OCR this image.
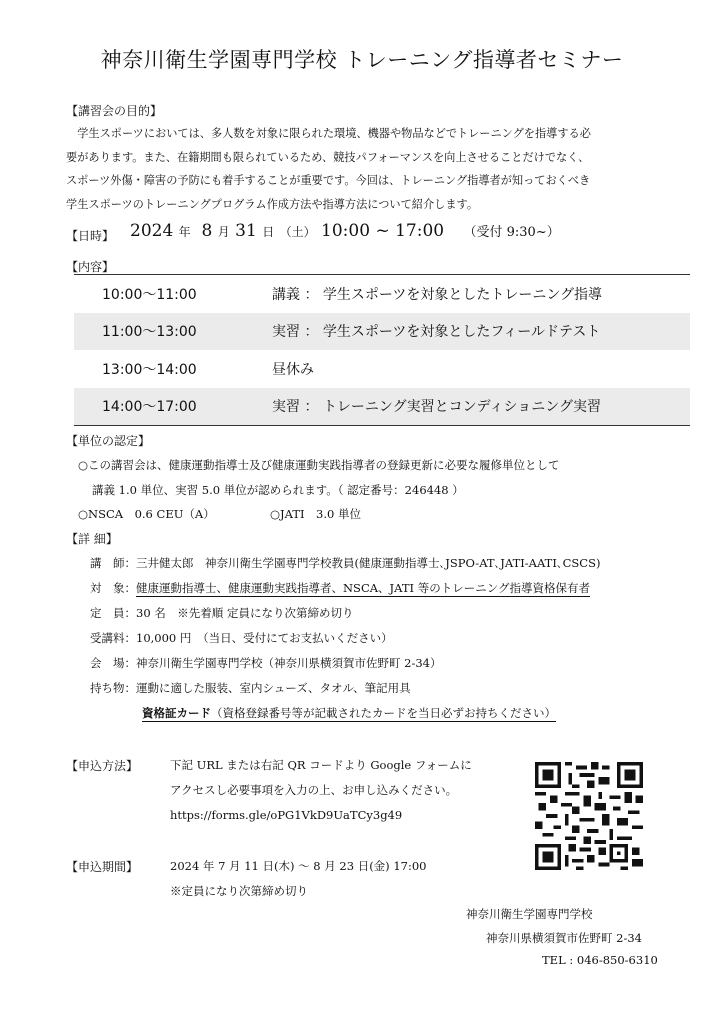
神奈川衛生学園専門学校 トレーニング指導者セミナー
【講習会の目的】

　学生スポーツにおいては、多人数を対象に限られた環境、機器や物品などでトレーニングを指導する必

要があります。また、在籍期間も限られているため、競技パフォーマンスを向上させることだけでなく、

スポーツ外傷・障害の予防にも着手することが重要です。今回は、トレーニング指導者が知っておくべき

学生スポーツのトレーニングプログラム作成方法や指導方法について紹介します。

【日時】 2024 年 8 月 31 日 （土） 10:00 ~ 17:00 （受付 9:30~）
【内容】
10:00〜11:00	講義 ： 学生スポーツを対象としたトレーニング指導
11:00〜13:00	実習 ： 学生スポーツを対象としたフィールドテスト
13:00〜14:00	昼休み
14:00〜17:00	実習 ： トレーニング実習とコンディショニング実習
【単位の認定】
○この講習会は、健康運動指導士及び健康運動実践指導者の登録更新に必要な履修単位として
講義 1.0 単位、実習 5.0 単位が認められます。（ 認定番号：246448 ）
○NSCA　0.6 CEU（A）	○JATI　3.0 単位
【詳 細】
講　師：三井健太郎　神奈川衛生学園専門学校教員(健康運動指導士､JSPO-AT､JATI-AATI､CSCS)
対　象：健康運動指導士、健康運動実践指導者、NSCA、JATI 等のトレーニング指導資格保有者
定　員：30 名　※先着順 定員になり次第締め切り
受講料：10,000 円　（当日、受付にてお支払いください）
会　場：神奈川衛生学園専門学校（神奈川県横須賀市佐野町 2-34）
持ち物：運動に適した服装、室内シューズ、タオル、筆記用具
資格証カード（資格登録番号等が記載されたカードを当日必ずお持ちください）
【申込方法】	下記 URL または右記 QR コードより Google フォームに
アクセスし必要事項を入力の上、お申し込みください。
https://forms.gle/oPG1VkD9UaTCy3g49
【申込期間】	2024 年 7 月 11 日(木) ～ 8 月 23 日(金) 17:00
※定員になり次第締め切り
神奈川衛生学園専門学校
神奈川県横須賀市佐野町 2-34
TEL : 046-850-6310
